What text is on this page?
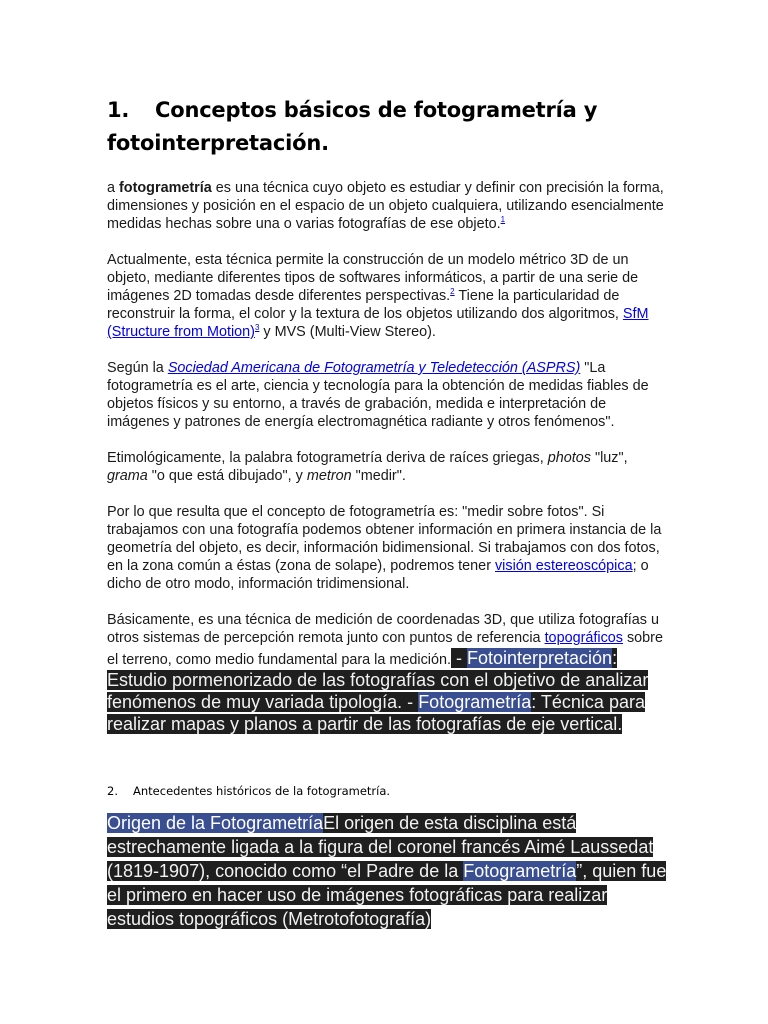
1. Conceptos básicos de fotogrametría y fotointerpretación.

a fotogrametría es una técnica cuyo objeto es estudiar y definir con precisión la forma, dimensiones y posición en el espacio de un objeto cualquiera, utilizando esencialmente medidas hechas sobre una o varias fotografías de ese objeto.$^1$

Actualmente, esta técnica permite la construcción de un modelo métrico 3D de un objeto, mediante diferentes tipos de softwares informáticos, a partir de una serie de imágenes 2D tomadas desde diferentes perspectivas.$^2$ Tiene la particularidad de reconstruir la forma, el color y la textura de los objetos utilizando dos algoritmos, SfM (Structure from Motion)$^3$ y MVS (Multi-View Stereo).

Según la Sociedad Americana de Fotogrametría y Teledetección (ASPRS) "La fotogrametría es el arte, ciencia y tecnología para la obtención de medidas fiables de objetos físicos y su entorno, a través de grabación, medida e interpretación de imágenes y patrones de energía electromagnética radiante y otros fenómenos".

Etimológicamente, la palabra fotogrametría deriva de raíces griegas, photos "luz", grama "o que está dibujado", y metron "medir".

Por lo que resulta que el concepto de fotogrametría es: "medir sobre fotos". Si trabajamos con una fotografía podemos obtener información en primera instancia de la geometría del objeto, es decir, información bidimensional. Si trabajamos con dos fotos, en la zona común a éstas (zona de solape), podremos tener visión estereoscópica; o dicho de otro modo, información tridimensional.

Básicamente, es una técnica de medición de coordenadas 3D, que utiliza fotografías u otros sistemas de percepción remota junto con puntos de referencia topográficos sobre el terreno, como medio fundamental para la medición. - Fotointerpretación: Estudio pormenorizado de las fotografías con el objetivo de analizar fenómenos de muy variada tipología. - Fotogrametría: Técnica para realizar mapas y planos a partir de las fotografías de eje vertical.

2. Antecedentes históricos de la fotogrametría.
Origen de la FotogrametríaEl origen de esta disciplina está estrechamente ligada a la figura del coronel francés Aimé Laussedat (1819-1907), conocido como “el Padre de la Fotogrametría”, quien fue el primero en hacer uso de imágenes fotográficas para realizar estudios topográficos (Metrotofotografía)
